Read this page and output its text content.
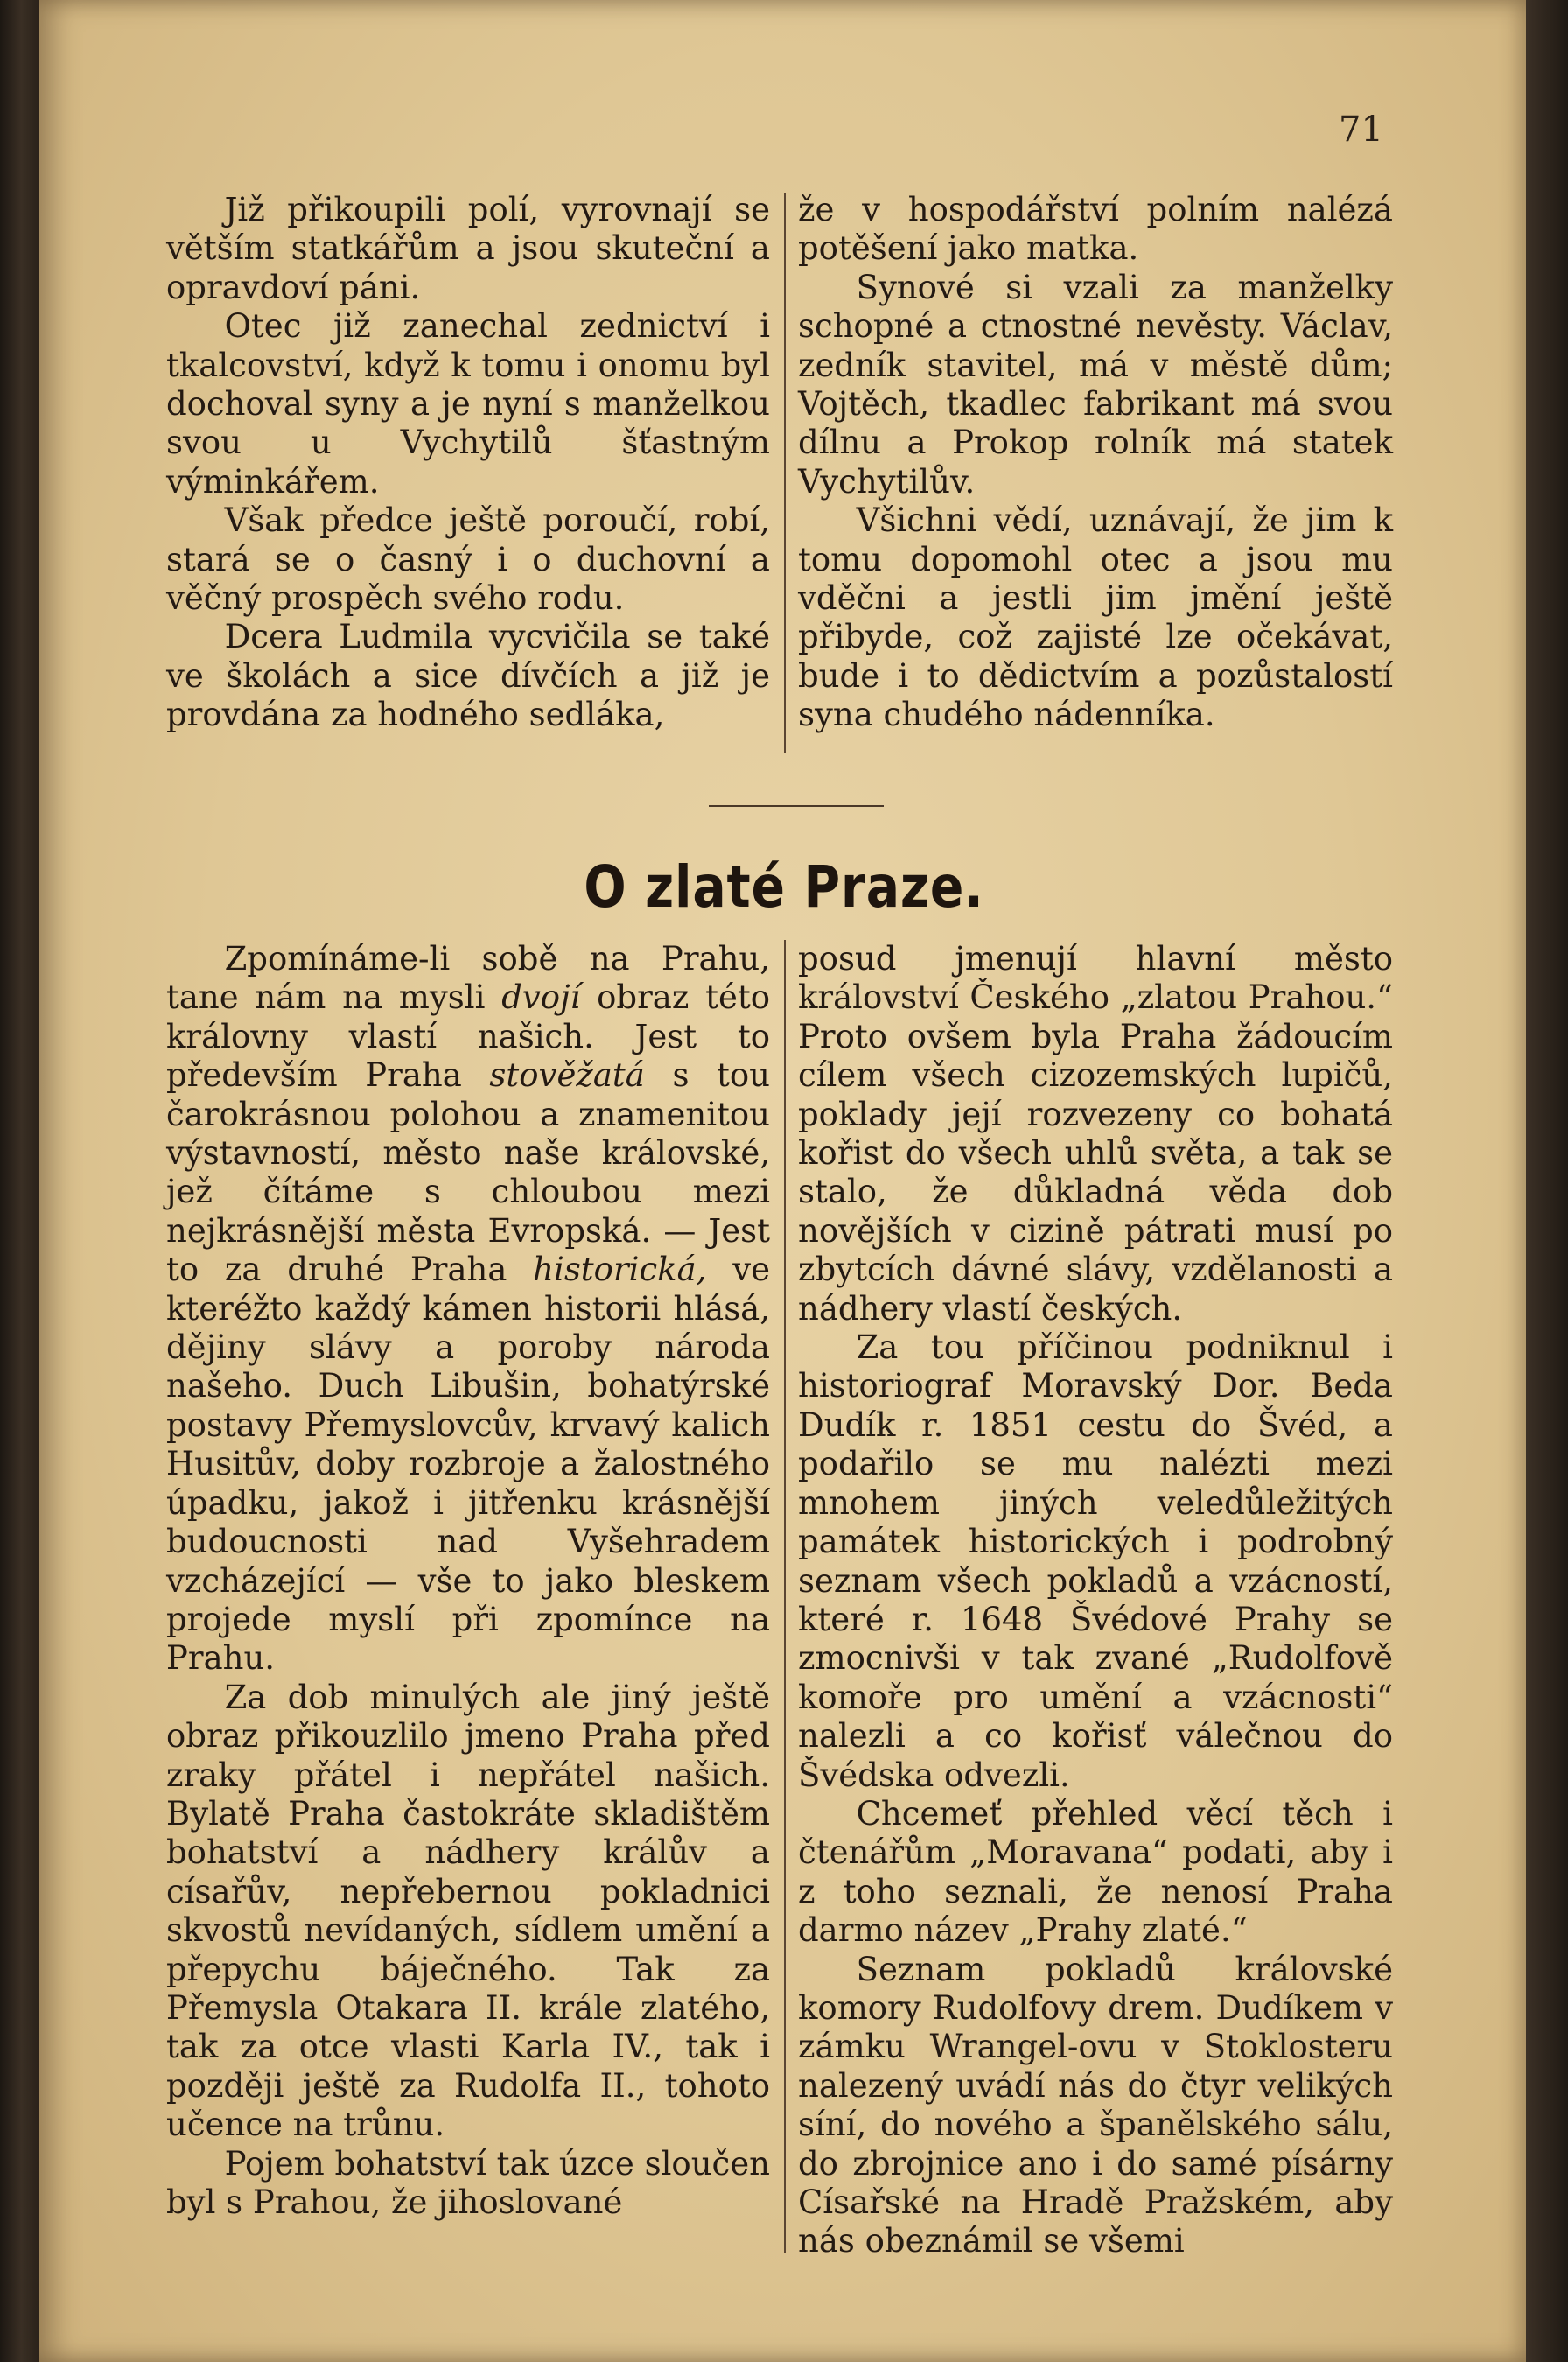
71

Již přikoupili polí, vyrovnají se větším statkářům a jsou skuteční a opravdoví páni.

Otec již zanechal zednictví i tkalcovství, když k tomu i onomu byl dochoval syny a je nyní s manželkou svou u Vychytilů šťastným výminkářem.

Však předce ještě poroučí, robí, stará se o časný i o duchovní a věčný prospěch svého rodu.

Dcera Ludmila vycvičila se také ve školách a sice dívčích a již je provdána za hodného sedláka,

že v hospodářství polním nalézá potěšení jako matka.

Synové si vzali za manželky schopné a ctnostné nevěsty. Václav, zedník stavitel, má v městě dům; Vojtěch, tkadlec fabrikant má svou dílnu a Prokop rolník má statek Vychytilův.

Všichni vědí, uznávají, že jim k tomu dopomohl otec a jsou mu vděčni a jestli jim jmění ještě přibyde, což zajisté lze očekávat, bude i to dědictvím a pozůstalostí syna chudého nádenníka.

O zlaté Praze.

Zpomínáme-li sobě na Prahu, tane nám na mysli dvojí obraz této královny vlastí našich. Jest to především Praha stověžatá s tou čarokrásnou polohou a znamenitou výstavností, město naše královské, jež čítáme s chloubou mezi nejkrásnější města Evropská. — Jest to za druhé Praha historická, ve kteréžto každý kámen historii hlásá, dějiny slávy a poroby národa našeho. Duch Libušin, bohatýrské postavy Přemyslovcův, krvavý kalich Husitův, doby rozbroje a žalostného úpadku, jakož i jitřenku krásnější budoucnosti nad Vyšehradem vzcházející — vše to jako bleskem projede myslí při zpomínce na Prahu.

Za dob minulých ale jiný ještě obraz přikouzlilo jmeno Praha před zraky přátel i nepřátel našich. Bylatě Praha častokráte skladištěm bohatství a nádhery králův a císařův, nepřebernou pokladnici skvostů nevídaných, sídlem umění a přepychu báječného. Tak za Přemysla Otakara II. krále zlatého, tak za otce vlasti Karla IV., tak i později ještě za Rudolfa II., tohoto učence na trůnu.

Pojem bohatství tak úzce sloučen byl s Prahou, že jihoslované

posud jmenují hlavní město království Českého „zlatou Prahou.“ Proto ovšem byla Praha žádoucím cílem všech cizozemských lupičů, poklady její rozvezeny co bohatá kořist do všech uhlů světa, a tak se stalo, že důkladná věda dob novějších v cizině pátrati musí po zbytcích dávné slávy, vzdělanosti a nádhery vlastí českých.

Za tou příčinou podniknul i historiograf Moravský Dor. Beda Dudík r. 1851 cestu do Švéd, a podařilo se mu nalézti mezi mnohem jiných veledůležitých památek historických i podrobný seznam všech pokladů a vzácností, které r. 1648 Švédové Prahy se zmocnivši v tak zvané „Rudolfově komoře pro umění a vzácnosti“ nalezli a co kořisť válečnou do Švédska odvezli.

Chcemeť přehled věcí těch i čtenářům „Moravana“ podati, aby i z toho seznali, že nenosí Praha darmo název „Prahy zlaté.“

Seznam pokladů královské komory Rudolfovy drem. Dudíkem v zámku Wrangel-ovu v Stoklosteru nalezený uvádí nás do čtyr velikých síní, do nového a španělského sálu, do zbrojnice ano i do samé písárny Císařské na Hradě Pražském, aby nás obeznámil se všemi
